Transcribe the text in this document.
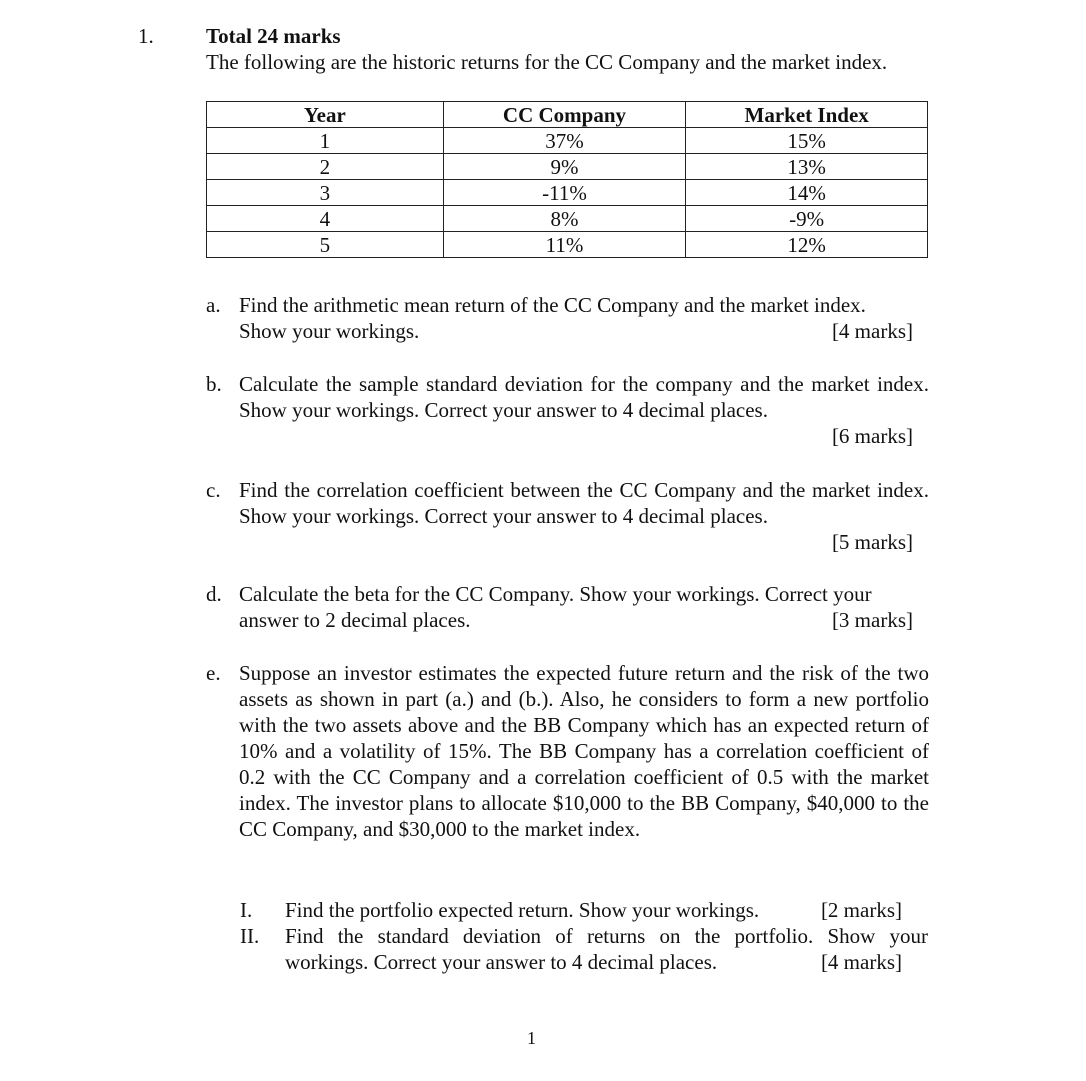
1. Total 24 marks
The following are the historic returns for the CC Company and the market index.
Year	CC Company	Market Index
1	37%	15%
2	9%	13%
3	-11%	14%
4	8%	-9%
5	11%	12%
a. Find the arithmetic mean return of the CC Company and the market index.
Show your workings.	[4 marks]
b. Calculate the sample standard deviation for the company and the market index. Show your workings. Correct your answer to 4 decimal places.
[6 marks]
c. Find the correlation coefficient between the CC Company and the market index. Show your workings. Correct your answer to 4 decimal places.
[5 marks]
d. Calculate the beta for the CC Company. Show your workings. Correct your
answer to 2 decimal places.	[3 marks]
e. Suppose an investor estimates the expected future return and the risk of the two assets as shown in part (a.) and (b.). Also, he considers to form a new portfolio with the two assets above and the BB Company which has an expected return of 10% and a volatility of 15%. The BB Company has a correlation coefficient of 0.2 with the CC Company and a correlation coefficient of 0.5 with the market index. The investor plans to allocate $10,000 to the BB Company, $40,000 to the CC Company, and $30,000 to the market index.
I. Find the portfolio expected return. Show your workings.	[2 marks]
II. Find the standard deviation of returns on the portfolio. Show your
workings. Correct your answer to 4 decimal places.	[4 marks]
1
